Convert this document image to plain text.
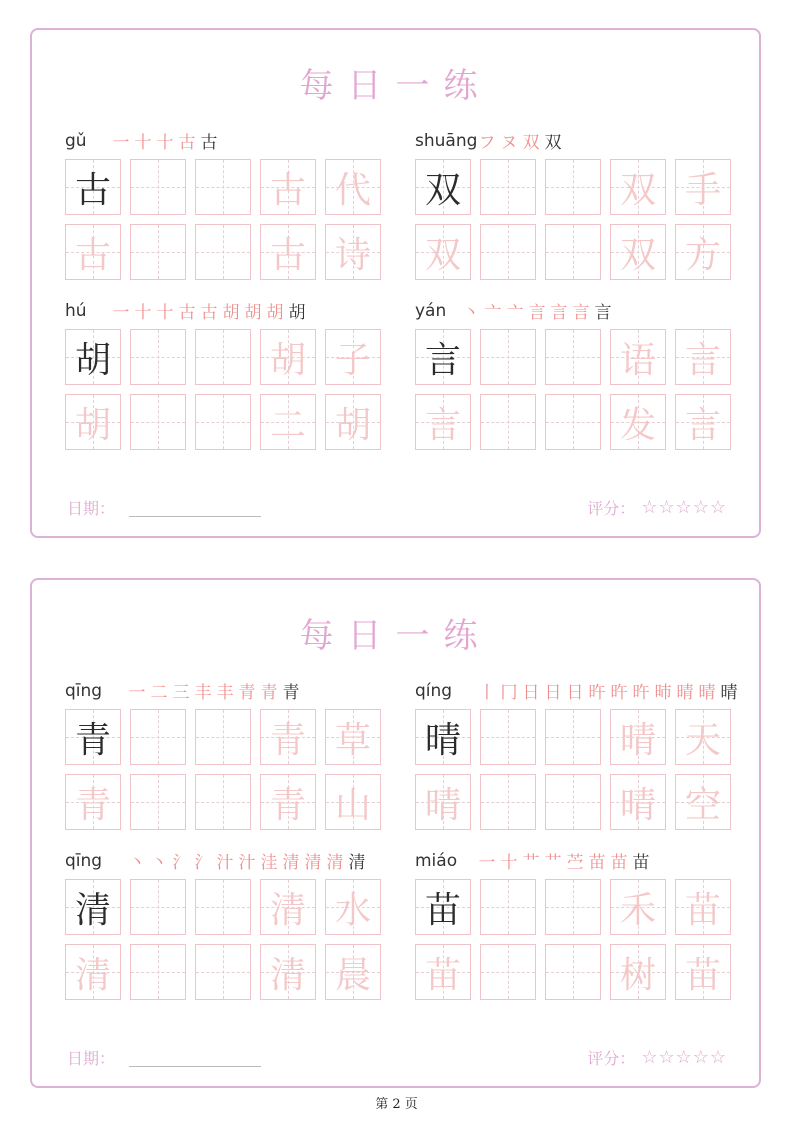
每日一练
gǔ 一 十 十 古 古
古	古 代
古	古 诗
shuāng フ ヌ 双 双
双	双 手
双	双 方
hú 一 十 十 古 古 胡 胡 胡 胡
胡	胡 子
胡	二 胡
yán 丶 亠 亠 言 言 言 言
言	语 言
言	发 言
日期：	评分： ☆☆☆☆☆
每日一练
qīng 一 二 三 丰 丰 青 青 青
青	青 草
青	青 山
qíng 丨 冂 日 日 日 旿 旿 旿 昁 晴 晴 晴
晴	晴 天
晴	晴 空
qīng 丶 丶 氵 氵 汁 汁 洼 清 清 清 清
清	清 水
清	清 晨
miáo 一 十 艹 艹 苎 苗 苗 苗
苗	禾 苗
苗	树 苗
日期：	评分： ☆☆☆☆☆
第 2 页
